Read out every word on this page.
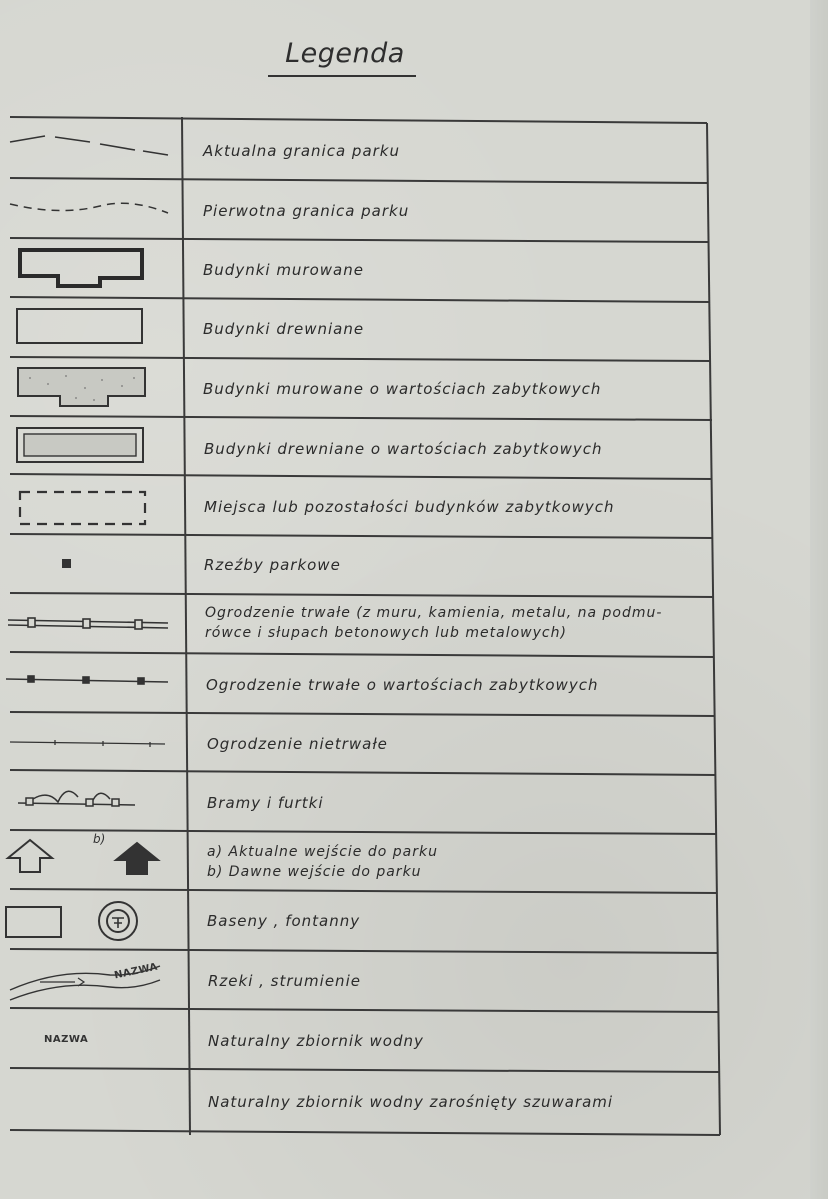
Legenda
b)
NAZWA
NAZWA
Aktualna granica parku
Pierwotna granica parku
Budynki murowane
Budynki drewniane
Budynki murowane o wartościach zabytkowych
Budynki drewniane o wartościach zabytkowych
Miejsca lub pozostałości budynków zabytkowych
Rzeźby parkowe
Ogrodzenie trwałe (z muru, kamienia, metalu, na podmu-
rówce i słupach betonowych lub metalowych)
Ogrodzenie trwałe o wartościach zabytkowych
Ogrodzenie nietrwałe
Bramy i furtki
a) Aktualne wejście do parku
b) Dawne wejście do parku
Baseny , fontanny
Rzeki , strumienie
Naturalny zbiornik wodny
Naturalny zbiornik wodny zarośnięty szuwarami
